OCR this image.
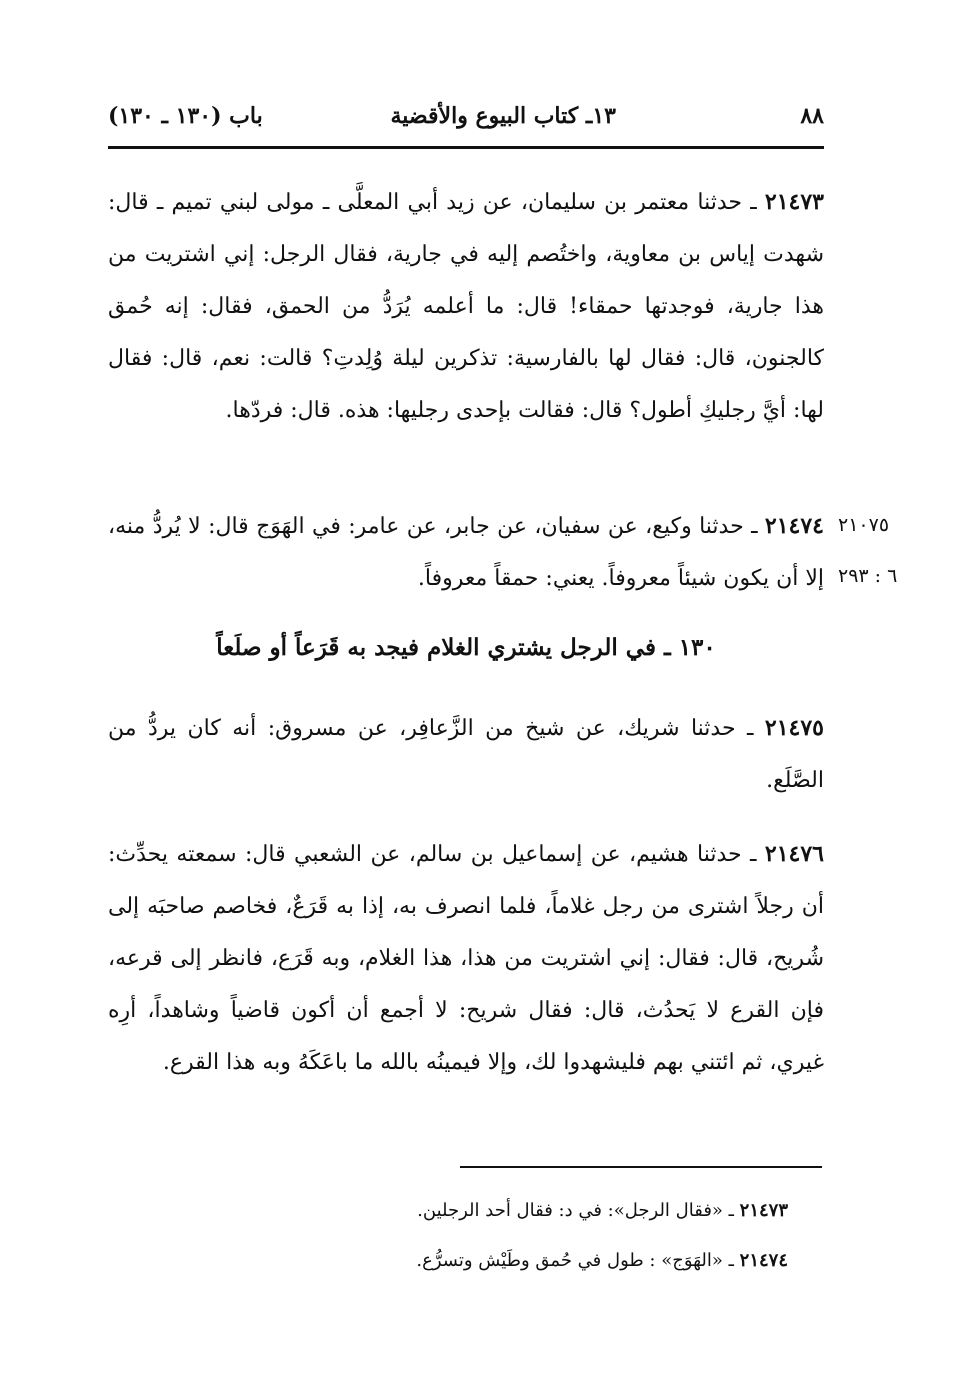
٨٨
١٣ـ كتاب البيوع والأقضية
باب (١٣٠ ـ ١٣٠)
٢١٤٧٣ ـ حدثنا معتمر بن سليمان، عن زيد أبي المعلَّى ـ مولى لبني تميم ـ قال: شهدت إياس بن معاوية، واختُصم إليه في جارية، فقال الرجل: إني اشتريت من هذا جارية، فوجدتها حمقاء! قال: ما أعلمه يُرَدُّ من الحمق، فقال: إنه حُمق كالجنون، قال: فقال لها بالفارسية: تذكرين ليلة وُلِدتِ؟ قالت: نعم، قال: فقال لها: أيَّ رجليكِ أطول؟ قال: فقالت بإحدى رجليها: هذه. قال: فردّها.
٢١٠٧٥
٦ : ٢٩٣
٢١٤٧٤ ـ حدثنا وكيع، عن سفيان، عن جابر، عن عامر: في الهَوَج قال: لا يُردُّ منه، إلا أن يكون شيئاً معروفاً. يعني: حمقاً معروفاً.
١٣٠ ـ في الرجل يشتري الغلام فيجد به قَرَعاً أو صلَعاً
٢١٤٧٥ ـ حدثنا شريك، عن شيخ من الزَّعافِر، عن مسروق: أنه كان يردُّ من الصَّلَع.
٢١٤٧٦ ـ حدثنا هشيم، عن إسماعيل بن سالم، عن الشعبي قال: سمعته يحدِّث: أن رجلاً اشترى من رجل غلاماً، فلما انصرف به، إذا به قَرَعٌ، فخاصم صاحبَه إلى شُريح، قال: فقال: إني اشتريت من هذا، هذا الغلام، وبه قَرَع، فانظر إلى قرعه، فإن القرع لا يَحدُث، قال: فقال شريح: لا أجمع أن أكون قاضياً وشاهداً، أرِه غيري، ثم ائتني بهم فليشهدوا لك، وإلا فيمينُه بالله ما باعَكَهُ وبه هذا القرع.
٢١٤٧٣ ـ «فقال الرجل»: في د: فقال أحد الرجلين.
٢١٤٧٤ ـ «الهَوَج» : طول في حُمق وطَيْش وتسرُّع.
